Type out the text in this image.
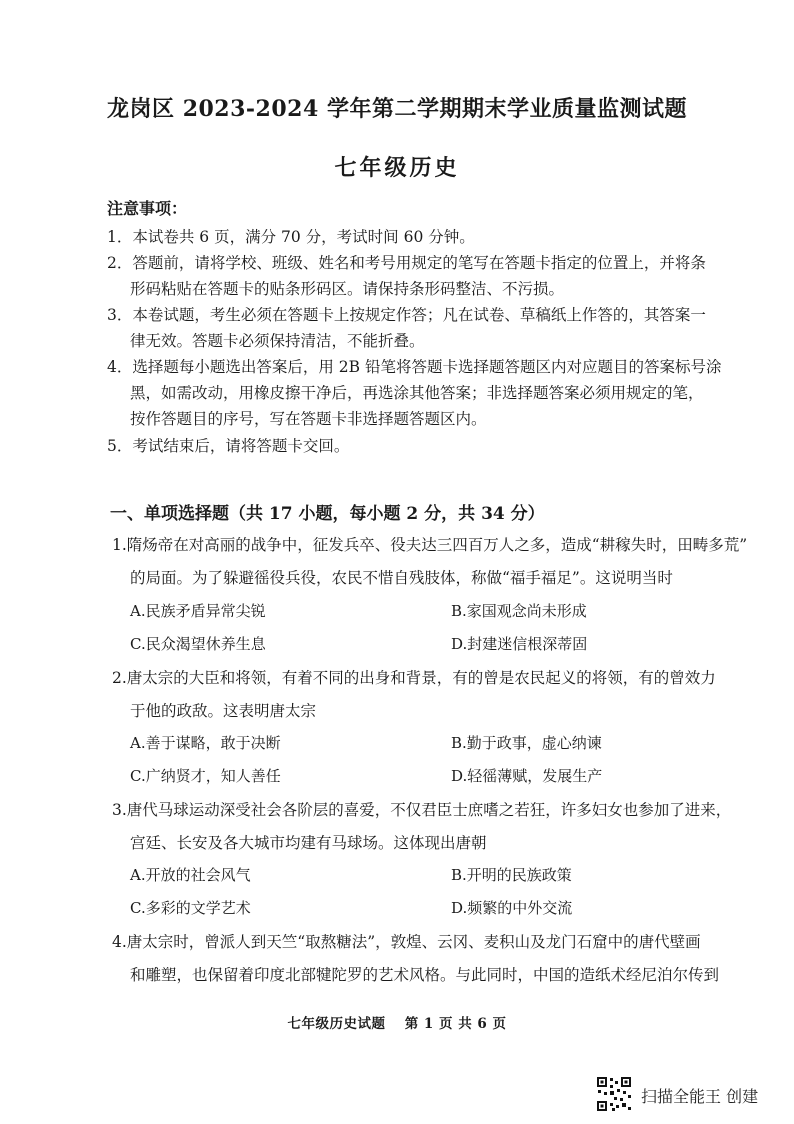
龙岗区 2023-2024 学年第二学期期末学业质量监测试题
七年级历史
注意事项：
1．本试卷共 6 页，满分 70 分，考试时间 60 分钟。
2．答题前，请将学校、班级、姓名和考号用规定的笔写在答题卡指定的位置上，并将条
形码粘贴在答题卡的贴条形码区。请保持条形码整洁、不污损。
3．本卷试题，考生必须在答题卡上按规定作答；凡在试卷、草稿纸上作答的，其答案一
律无效。答题卡必须保持清洁，不能折叠。
4．选择题每小题选出答案后，用 2B 铅笔将答题卡选择题答题区内对应题目的答案标号涂
黑，如需改动，用橡皮擦干净后，再选涂其他答案；非选择题答案必须用规定的笔，
按作答题目的序号，写在答题卡非选择题答题区内。
5．考试结束后，请将答题卡交回。
一、单项选择题（共 17 小题，每小题 2 分，共 34 分）
1.隋炀帝在对高丽的战争中，征发兵卒、役夫达三四百万人之多，造成“耕稼失时，田畴多荒”
的局面。为了躲避徭役兵役，农民不惜自残肢体，称做“福手福足”。这说明当时
A.民族矛盾异常尖锐	B.家国观念尚未形成
C.民众渴望休养生息	D.封建迷信根深蒂固
2.唐太宗的大臣和将领，有着不同的出身和背景，有的曾是农民起义的将领，有的曾效力
于他的政敌。这表明唐太宗
A.善于谋略，敢于决断	B.勤于政事，虚心纳谏
C.广纳贤才，知人善任	D.轻徭薄赋，发展生产
3.唐代马球运动深受社会各阶层的喜爱，不仅君臣士庶嗜之若狂，许多妇女也参加了进来，
宫廷、长安及各大城市均建有马球场。这体现出唐朝
A.开放的社会风气	B.开明的民族政策
C.多彩的文学艺术	D.频繁的中外交流
4.唐太宗时，曾派人到天竺“取熬糖法”，敦煌、云冈、麦积山及龙门石窟中的唐代壁画
和雕塑，也保留着印度北部犍陀罗的艺术风格。与此同时，中国的造纸术经尼泊尔传到
七年级历史试题　 第 1 页 共 6 页
扫描全能王 创建
